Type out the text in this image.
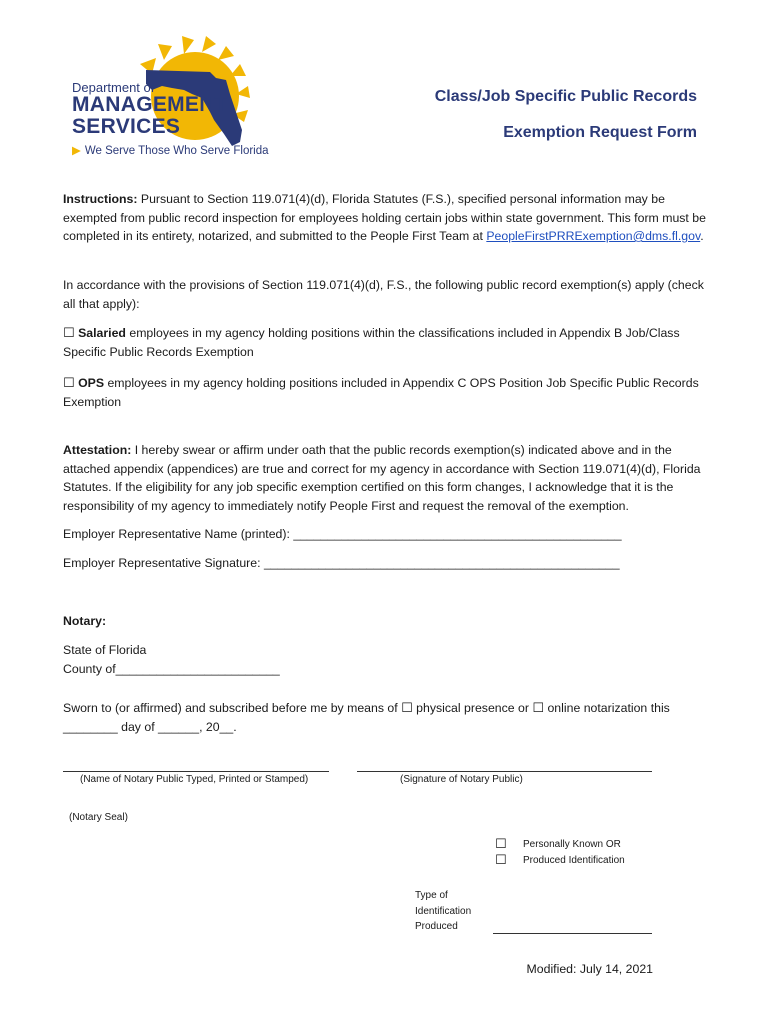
Department of
MANAGEMENT
SERVICES
▶ We Serve Those Who Serve Florida
Class/Job Specific Public Records
Exemption Request Form
Instructions: Pursuant to Section 119.071(4)(d), Florida Statutes (F.S.), specified personal information may be exempted from public record inspection for employees holding certain jobs within state government. This form must be completed in its entirety, notarized, and submitted to the People First Team at PeopleFirstPRRExemption@dms.fl.gov.
In accordance with the provisions of Section 119.071(4)(d), F.S., the following public record exemption(s) apply (check all that apply):
☐ Salaried employees in my agency holding positions within the classifications included in Appendix B Job/Class Specific Public Records Exemption
☐ OPS employees in my agency holding positions included in Appendix C OPS Position Job Specific Public Records Exemption
Attestation: I hereby swear or affirm under oath that the public records exemption(s) indicated above and in the attached appendix (appendices) are true and correct for my agency in accordance with Section 119.071(4)(d), Florida Statutes. If the eligibility for any job specific exemption certified on this form changes, I acknowledge that it is the responsibility of my agency to immediately notify People First and request the removal of the exemption.
Employer Representative Name (printed): ________________________________________________
Employer Representative Signature: ____________________________________________________
Notary:
State of Florida
County of________________________
Sworn to (or affirmed) and subscribed before me by means of ☐ physical presence or ☐ online notarization this
________ day of ______, 20__.
(Name of Notary Public Typed, Printed or Stamped)	(Signature of Notary Public)
(Notary Seal)
☐ Personally Known OR
☐ Produced Identification
Type of
Identification
Produced
Modified: July 14, 2021
